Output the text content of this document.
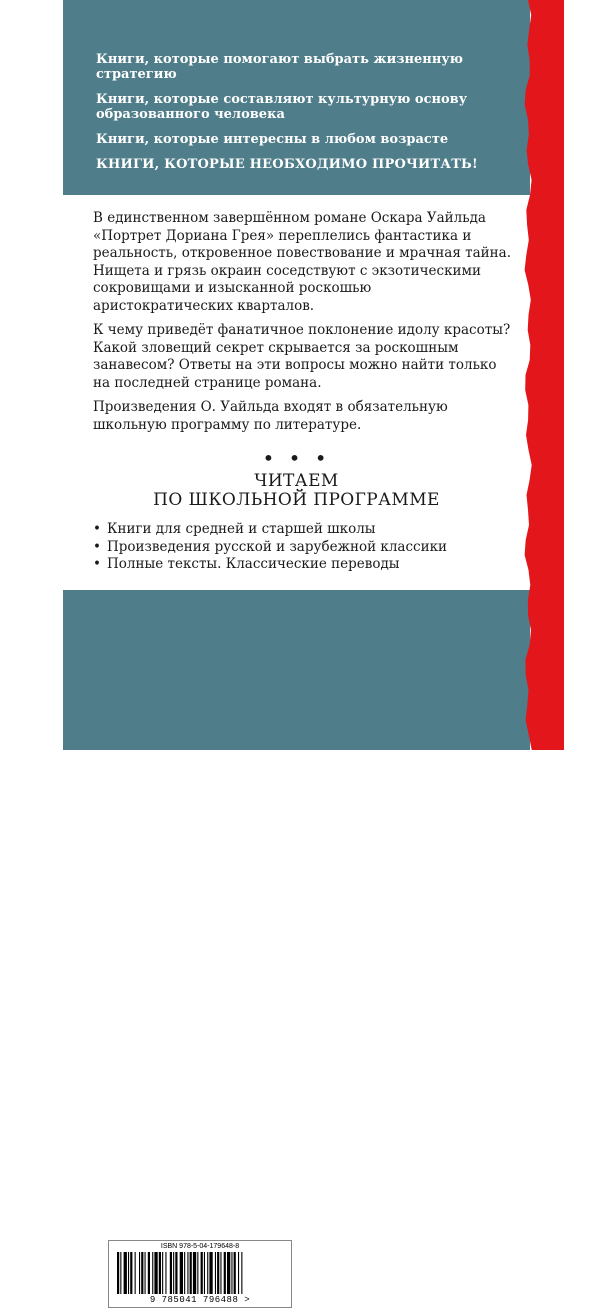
Книги, которые помогают выбрать жизненную стратегию

Книги, которые составляют культурную основу образованного человека

Книги, которые интересны в любом возрасте

КНИГИ, КОТОРЫЕ НЕОБХОДИМО ПРОЧИТАТЬ!

В единственном завершённом романе Оскара Уайльда «Портрет Дориана Грея» переплелись фантастика и реальность, откровенное повествование и мрачная тайна. Нищета и грязь окраин соседствуют с экзотическими сокровищами и изысканной роскошью аристократических кварталов.

К чему приведёт фанатичное поклонение идолу красоты? Какой зловещий секрет скрывается за роскошным занавесом? Ответы на эти вопросы можно найти только на последней странице романа.

Произведения О. Уайльда входят в обязательную школьную программу по литературе.

• • •
ЧИТАЕМ
ПО ШКОЛЬНОЙ ПРОГРАММЕ
• Книги для средней и старшей школы
• Произведения русской и зарубежной классики
• Полные тексты. Классические переводы
ISBN 978-5-04-179648-8
9 785041 796488 >
